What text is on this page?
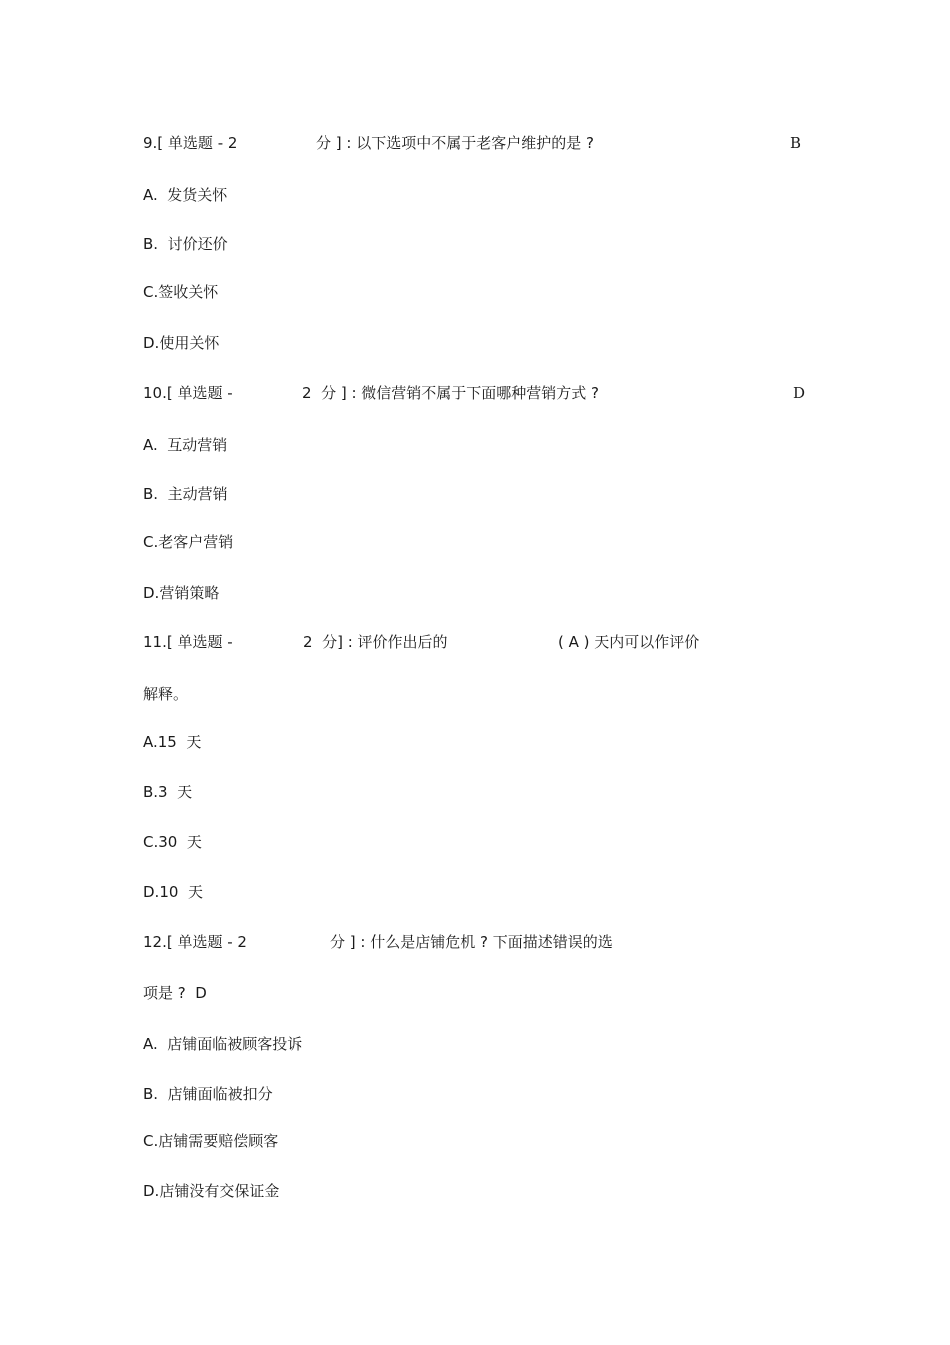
9.[ 单选题 - 2	分 ] : 以下选项中不属于老客户维护的是 ?	B
A.  发货关怀
B.  讨价还价
C.签收关怀
D.使用关怀
10.[ 单选题 -	2  分 ] : 微信营销不属于下面哪种营销方式 ?	D
A.  互动营销
B.  主动营销
C.老客户营销
D.营销策略
11.[ 单选题 -	2  分] : 评价作出后的	( A ) 天内可以作评价
解释。
A.15  天
B.3  天
C.30  天
D.10  天
12.[ 单选题 - 2	分 ] : 什么是店铺危机 ? 下面描述错误的选
项是 ?  D
A.  店铺面临被顾客投诉
B.  店铺面临被扣分
C.店铺需要赔偿顾客
D.店铺没有交保证金
